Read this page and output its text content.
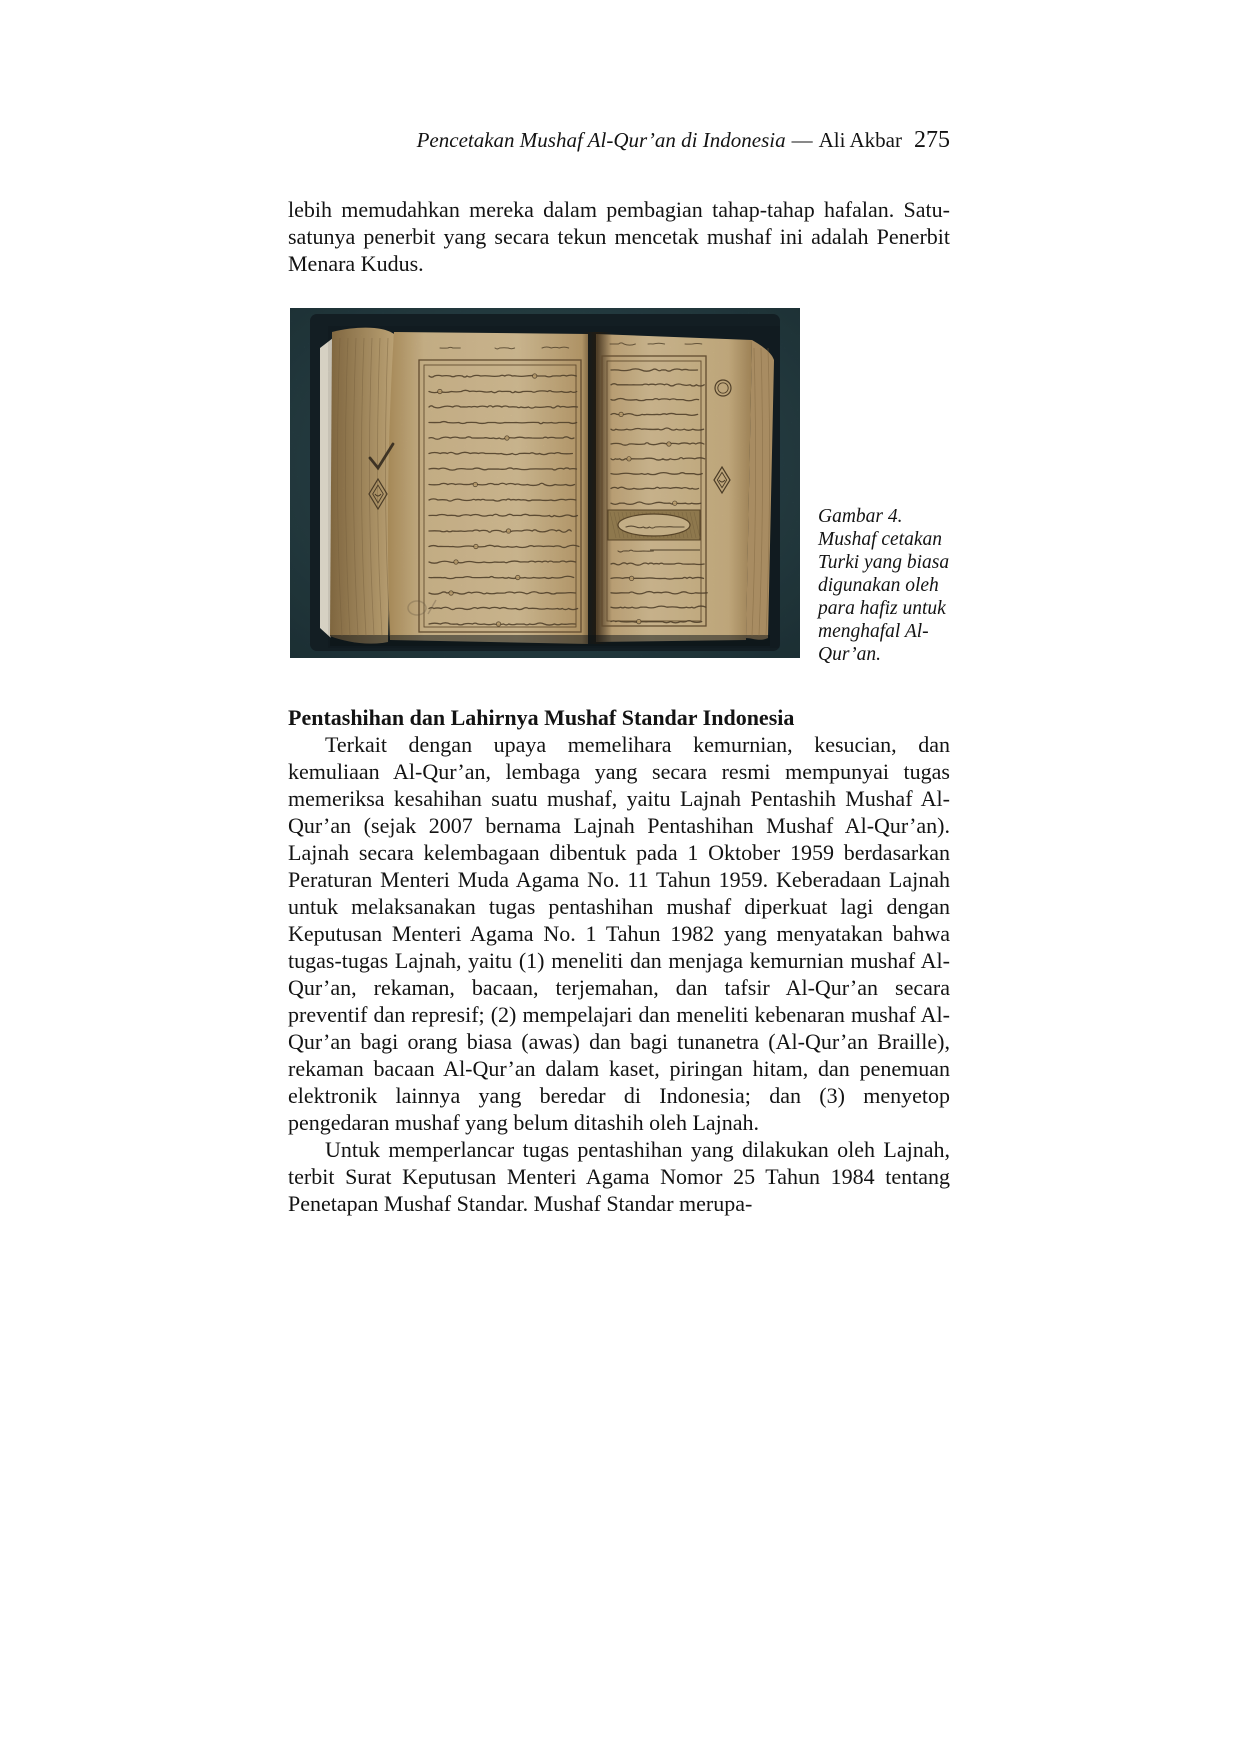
Pencetakan Mushaf Al-Qur’an di Indonesia — Ali Akbar 275

lebih memudahkan mereka dalam pembagian tahap-tahap hafalan. Satu-satunya penerbit yang secara tekun mencetak mushaf ini adalah Penerbit Menara Kudus.

Gambar 4.
Mushaf cetakan Turki yang biasa digunakan oleh para hafiz untuk menghafal Al-Qur’an.
Pentashihan dan Lahirnya Mushaf Standar Indonesia

Terkait dengan upaya memelihara kemurnian, kesucian, dan kemuliaan Al-Qur’an, lembaga yang secara resmi mempunyai tugas memeriksa kesahihan suatu mushaf, yaitu Lajnah Pentashih Mushaf Al-Qur’an (sejak 2007 bernama Lajnah Pentashihan Mushaf Al-Qur’an). Lajnah secara kelembagaan dibentuk pada 1 Oktober 1959 berdasarkan Peraturan Menteri Muda Agama No. 11 Tahun 1959. Keberadaan Lajnah untuk melaksanakan tugas pentashihan mushaf diperkuat lagi dengan Keputusan Menteri Agama No. 1 Tahun 1982 yang menyatakan bahwa tugas-tugas Lajnah, yaitu (1) meneliti dan menjaga kemurnian mushaf Al-Qur’an, rekaman, bacaan, terjemahan, dan tafsir Al-Qur’an secara preventif dan represif; (2) mempelajari dan meneliti kebenaran mushaf Al-Qur’an bagi orang biasa (awas) dan bagi tunanetra (Al-Qur’an Braille), rekaman bacaan Al-Qur’an dalam kaset, piringan hitam, dan penemuan elektronik lainnya yang beredar di Indonesia; dan (3) menyetop pengedaran mushaf yang belum ditashih oleh Lajnah.

Untuk memperlancar tugas pentashihan yang dilakukan oleh Lajnah, terbit Surat Keputusan Menteri Agama Nomor 25 Tahun 1984 tentang Penetapan Mushaf Standar. Mushaf Standar merupa-
